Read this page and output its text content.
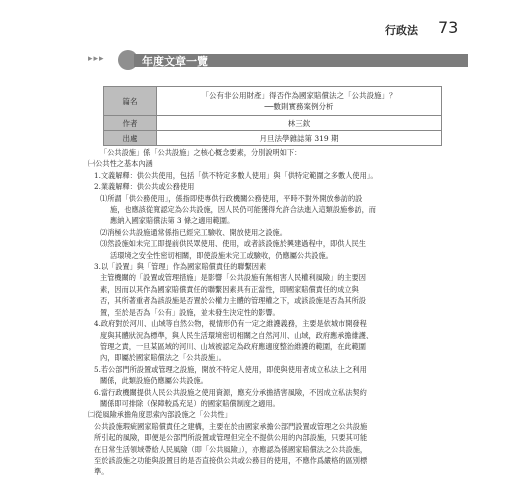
行政法 73
▸▸▸	年度文章一覽
篇名	「公有非公用財產」得否作為國家賠償法之「公共設施」？
──數則實務案例分析

作者	林三欽
出處	月旦法學雜誌第 319 期

「公共設施」係「公共設施」之核心概念要素，分別說明如下：

㈠公共性之基本內涵

1.文義解釋：供公共使用，包括「供不特定多數人使用」與「供特定範圍之多數人使用」。

2.業義解釋：供公共或公務使用

⑴所謂「供公務使用」，係指即使專供行政機關公務使用，平時不對外開放參訪的設

施，也應該從寬認定為公共設施，因人民仍可能獲得允許合法進入這類設施參訪，而

應納入國家賠償法第 3 條之適用範圍。

⑵消極公共設施通常係指已經完工驗收、開放使用之設施。

⑶然設施如未完工即提前供民眾使用、使用，或者該設施於興建過程中，即供人民生

活環境之安全性密切相關，即使設施未完工或驗收，仍應屬公共設施。

3.以「設置」與「管理」作為國家賠償責任的聯繫因素

主管機關的「設置或管理措施」是影響「公共設施有無相害人民權利風險」的主要因

素，因而以其作為國家賠償責任的聯繫因素具有正當性，即國家賠償責任的成立與

否，其所著重者為該設施是否置於公權力主體的管理權之下，或該設施是否為其所設

置，至於是否為「公有」設施，並未發生決定性的影響。

4.政府對於河川、山域等自然公物，視情形仍有一定之維護義務，主要是依城市開發程

度與其體狀況為標準，與人民生活環境密切相關之自然河川、山域，政府應承擔維護、

管理之責，一旦某區域的河川、山域被認定為政府應適度整治維護的範圍，在此範圍

內，即屬於國家賠償法之「公共設施」。

5.若公部門所設置或管理之設施，開放不特定人使用，即使與使用者成立私法上之利用

關係，此類設施仍應屬公共設施。

6.當行政機關提供人民公共設施之使用資源，應充分承擔措害風險，不因成立私法契約

關係即可排除（保障較爲充足）的國家賠償制度之適用。

㈡從風險承擔角度思索內部設施之「公共性」

公共設施瑕疵國家賠償責任之建構，主要在於由國家承擔公部門設置或管理之公共設施

所引起的風險，即便是公部門所設置或管理但完全不提供公用的內部設施，只要其可能

在日常生活領域帶給人民風險（即「公共風險」），亦應認為係國家賠償法之公共設施，

至於該設施之功能與設置目的是否直接供公共或公務目的使用，不應作爲嚴格的區別標

準。
